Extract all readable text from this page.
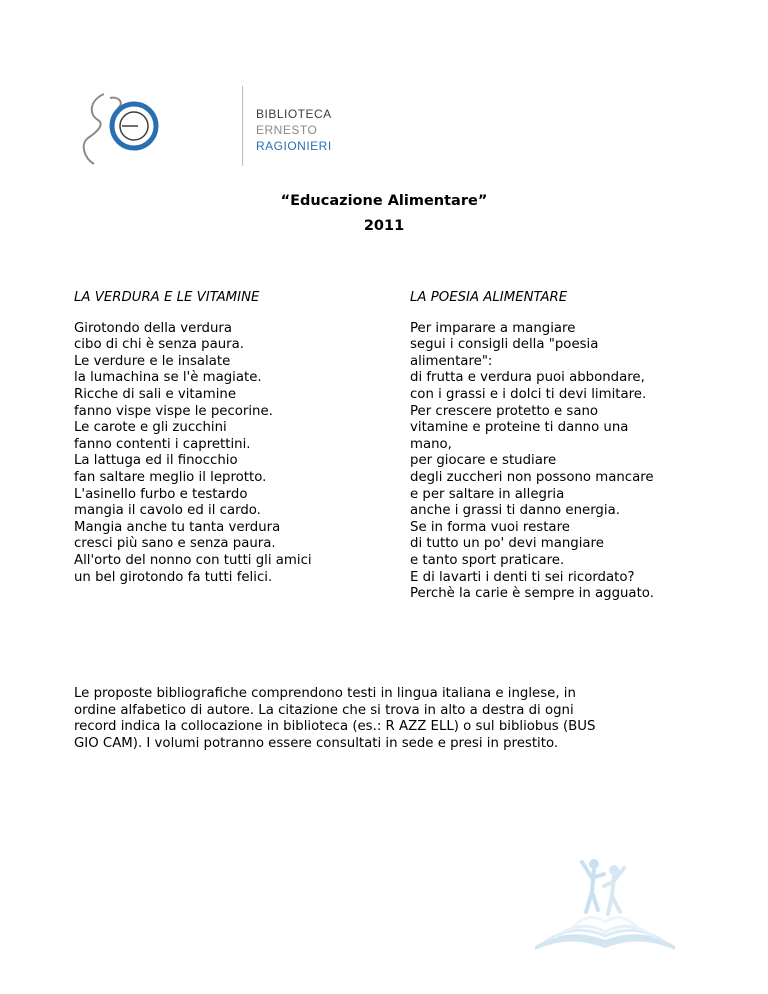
BIBLIOTECA
ERNESTO
RAGIONIERI
“Educazione Alimentare”
2011
LA VERDURA E LE VITAMINE
Girotondo della verdura
cibo di chi è senza paura.
Le verdure e le insalate
la lumachina se l'è magiate.
Ricche di sali e vitamine
fanno vispe vispe le pecorine.
Le carote e gli zucchini
fanno contenti i caprettini.
La lattuga ed il finocchio
fan saltare meglio il leprotto.
L'asinello furbo e testardo
mangia il cavolo ed il cardo.
Mangia anche tu tanta verdura
cresci più sano e senza paura.
All'orto del nonno con tutti gli amici
un bel girotondo fa tutti felici.
LA POESIA ALIMENTARE
Per imparare a mangiare
segui i consigli della "poesia
alimentare":
di frutta e verdura puoi abbondare,
con i grassi e i dolci ti devi limitare.
Per crescere protetto e sano
vitamine e proteine ti danno una
mano,
per giocare e studiare
degli zuccheri non possono mancare
e per saltare in allegria
anche i grassi ti danno energia.
Se in forma vuoi restare
di tutto un po' devi mangiare
e tanto sport praticare.
E di lavarti i denti ti sei ricordato?
Perchè la carie è sempre in agguato.
Le proposte bibliografiche comprendono testi in lingua italiana e inglese, in
ordine alfabetico di autore. La citazione che si trova in alto a destra di ogni
record indica la collocazione in biblioteca (es.: R AZZ ELL) o sul bibliobus (BUS
GIO CAM). I volumi potranno essere consultati in sede e presi in prestito.
